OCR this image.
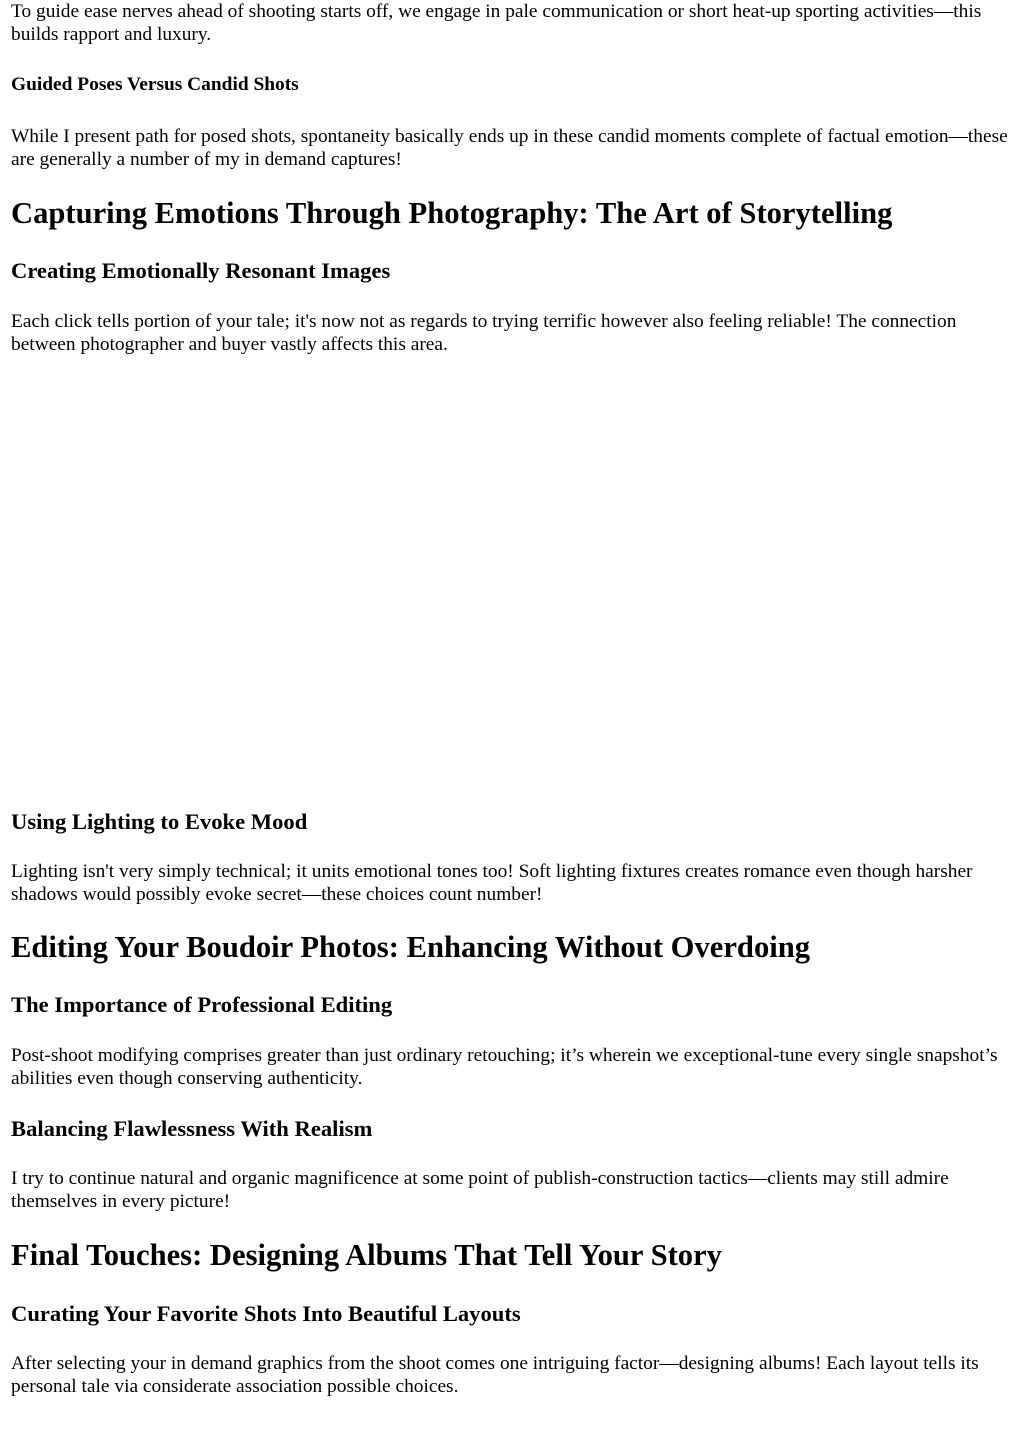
To guide ease nerves ahead of shooting starts off, we engage in pale communication or short heat-up sporting activities—this builds rapport and luxury.

Guided Poses Versus Candid Shots

While I present path for posed shots, spontaneity basically ends up in these candid moments complete of factual emotion—these are generally a number of my in demand captures!

Capturing Emotions Through Photography: The Art of Storytelling
Creating Emotionally Resonant Images

Each click tells portion of your tale; it's now not as regards to trying terrific however also feeling reliable! The connection between photographer and buyer vastly affects this area.

Using Lighting to Evoke Mood

Lighting isn't very simply technical; it units emotional tones too! Soft lighting fixtures creates romance even though harsher shadows would possibly evoke secret—these choices count number!

Editing Your Boudoir Photos: Enhancing Without Overdoing
The Importance of Professional Editing

Post-shoot modifying comprises greater than just ordinary retouching; it’s wherein we exceptional-tune every single snapshot’s abilities even though conserving authenticity.

Balancing Flawlessness With Realism

I try to continue natural and organic magnificence at some point of publish-construction tactics—clients may still admire themselves in every picture!

Final Touches: Designing Albums That Tell Your Story
Curating Your Favorite Shots Into Beautiful Layouts

After selecting your in demand graphics from the shoot comes one intriguing factor—designing albums! Each layout tells its personal tale via considerate association possible choices.
